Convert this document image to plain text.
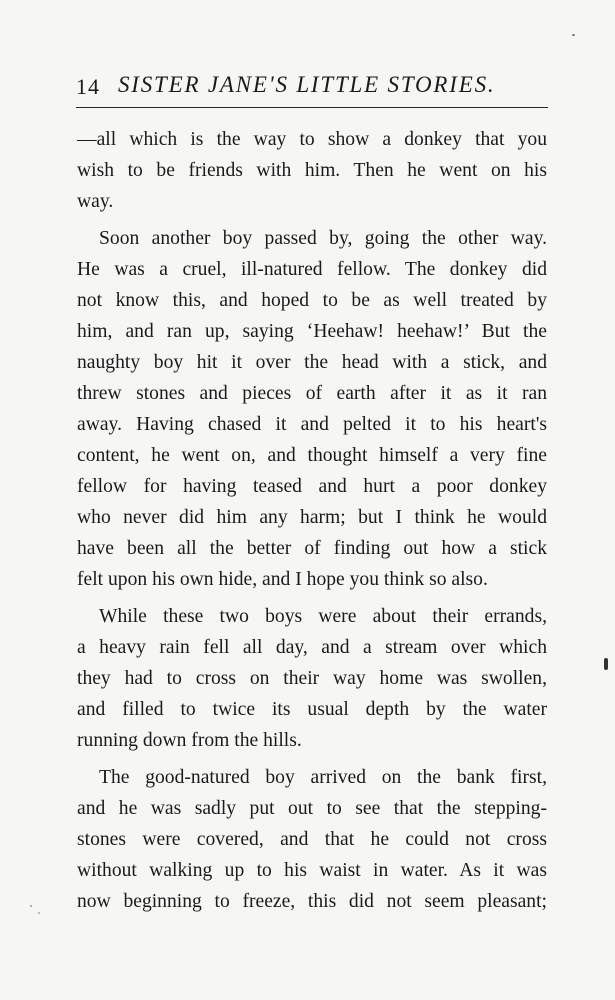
14 SISTER JANE'S LITTLE STORIES.
—all which is the way to show a donkey that you
wish to be friends with him. Then he went on his
way.
Soon another boy passed by, going the other way.
He was a cruel, ill-natured fellow. The donkey did
not know this, and hoped to be as well treated by
him, and ran up, saying ‘Heehaw! heehaw!’ But the
naughty boy hit it over the head with a stick, and
threw stones and pieces of earth after it as it ran
away. Having chased it and pelted it to his heart's
content, he went on, and thought himself a very fine
fellow for having teased and hurt a poor donkey
who never did him any harm; but I think he would
have been all the better of finding out how a stick
felt upon his own hide, and I hope you think so also.
While these two boys were about their errands,
a heavy rain fell all day, and a stream over which
they had to cross on their way home was swollen,
and filled to twice its usual depth by the water
running down from the hills.
The good-natured boy arrived on the bank first,
and he was sadly put out to see that the stepping-
stones were covered, and that he could not cross
without walking up to his waist in water. As it was
now beginning to freeze, this did not seem pleasant;
